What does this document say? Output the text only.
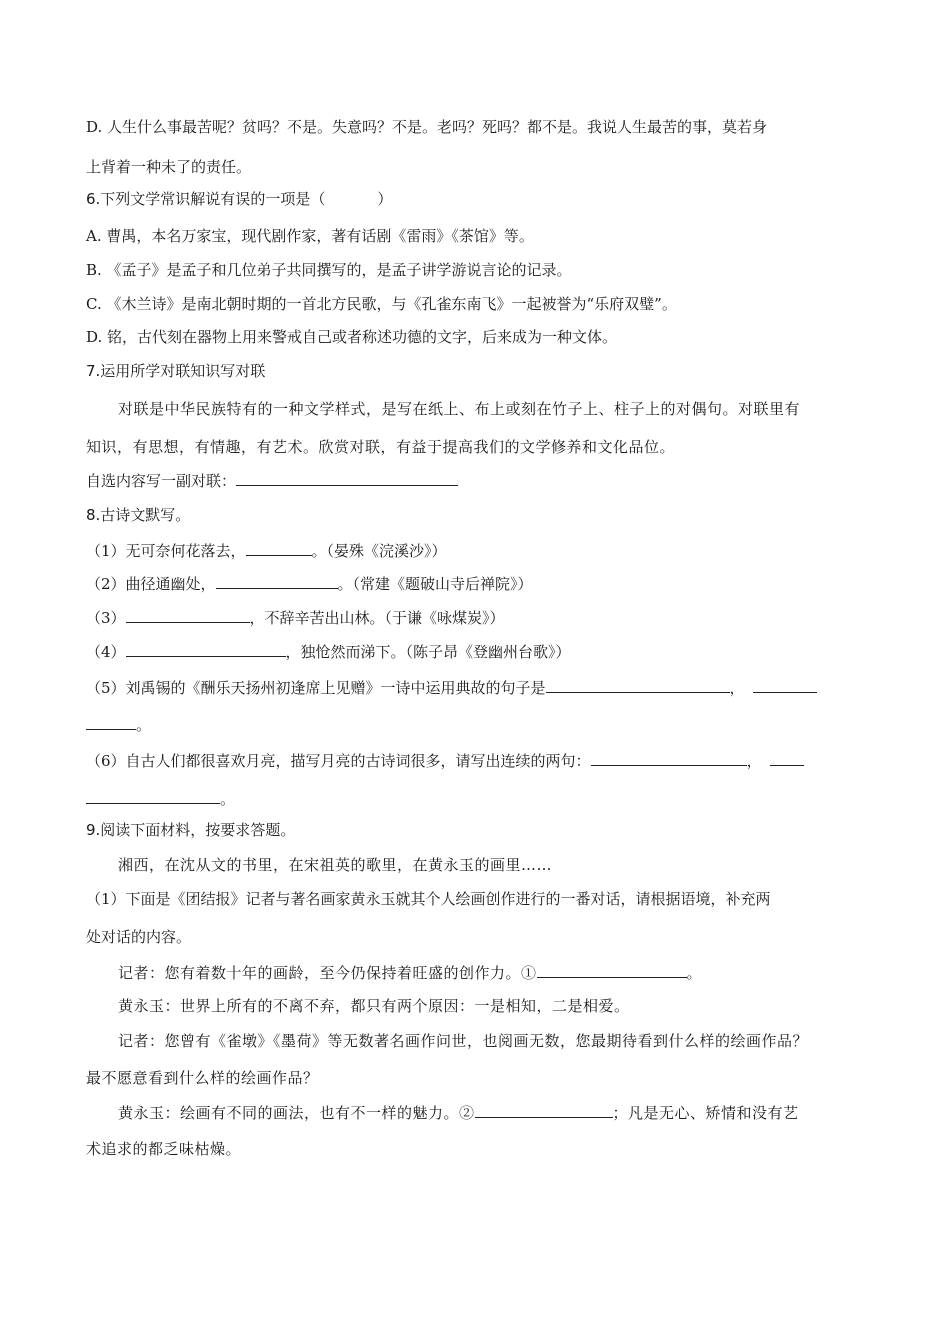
D. 人生什么事最苦呢？贫吗？不是。失意吗？不是。老吗？死吗？都不是。我说人生最苦的事，莫若身
上背着一种未了的责任。
6.下列文学常识解说有误的一项是（	）
A. 曹禺，本名万家宝，现代剧作家，著有话剧《雷雨》《茶馆》等。
B. 《孟子》是孟子和几位弟子共同撰写的，是孟子讲学游说言论的记录。
C. 《木兰诗》是南北朝时期的一首北方民歌，与《孔雀东南飞》一起被誉为“乐府双璧”。
D. 铭，古代刻在器物上用来警戒自己或者称述功德的文字，后来成为一种文体。
7.运用所学对联知识写对联
对联是中华民族特有的一种文学样式，是写在纸上、布上或刻在竹子上、柱子上的对偶句。对联里有
知识，有思想，有情趣，有艺术。欣赏对联，有益于提高我们的文学修养和文化品位。
自选内容写一副对联：
8.古诗文默写。
（1）无可奈何花落去，	。（晏殊《浣溪沙》）
（2）曲径通幽处，	。（常建《题破山寺后禅院》）
（3）	，不辞辛苦出山林。（于谦《咏煤炭》）
（4）	，独怆然而涕下。（陈子昂《登幽州台歌》）
（5）刘禹锡的《酬乐天扬州初逢席上见赠》一诗中运用典故的句子是	，
。
（6）自古人们都很喜欢月亮，描写月亮的古诗词很多，请写出连续的两句：	，
。
9.阅读下面材料，按要求答题。
湘西，在沈从文的书里，在宋祖英的歌里，在黄永玉的画里……
（1）下面是《团结报》记者与著名画家黄永玉就其个人绘画创作进行的一番对话，请根据语境，补充两
处对话的内容。
记者：您有着数十年的画龄，至今仍保持着旺盛的创作力。①	。
黄永玉：世界上所有的不离不弃，都只有两个原因：一是相知，二是相爱。
记者：您曾有《雀墩》《墨荷》等无数著名画作问世，也阅画无数，您最期待看到什么样的绘画作品？
最不愿意看到什么样的绘画作品？
黄永玉：绘画有不同的画法，也有不一样的魅力。②	；凡是无心、矫情和没有艺
术追求的都乏味枯燥。
